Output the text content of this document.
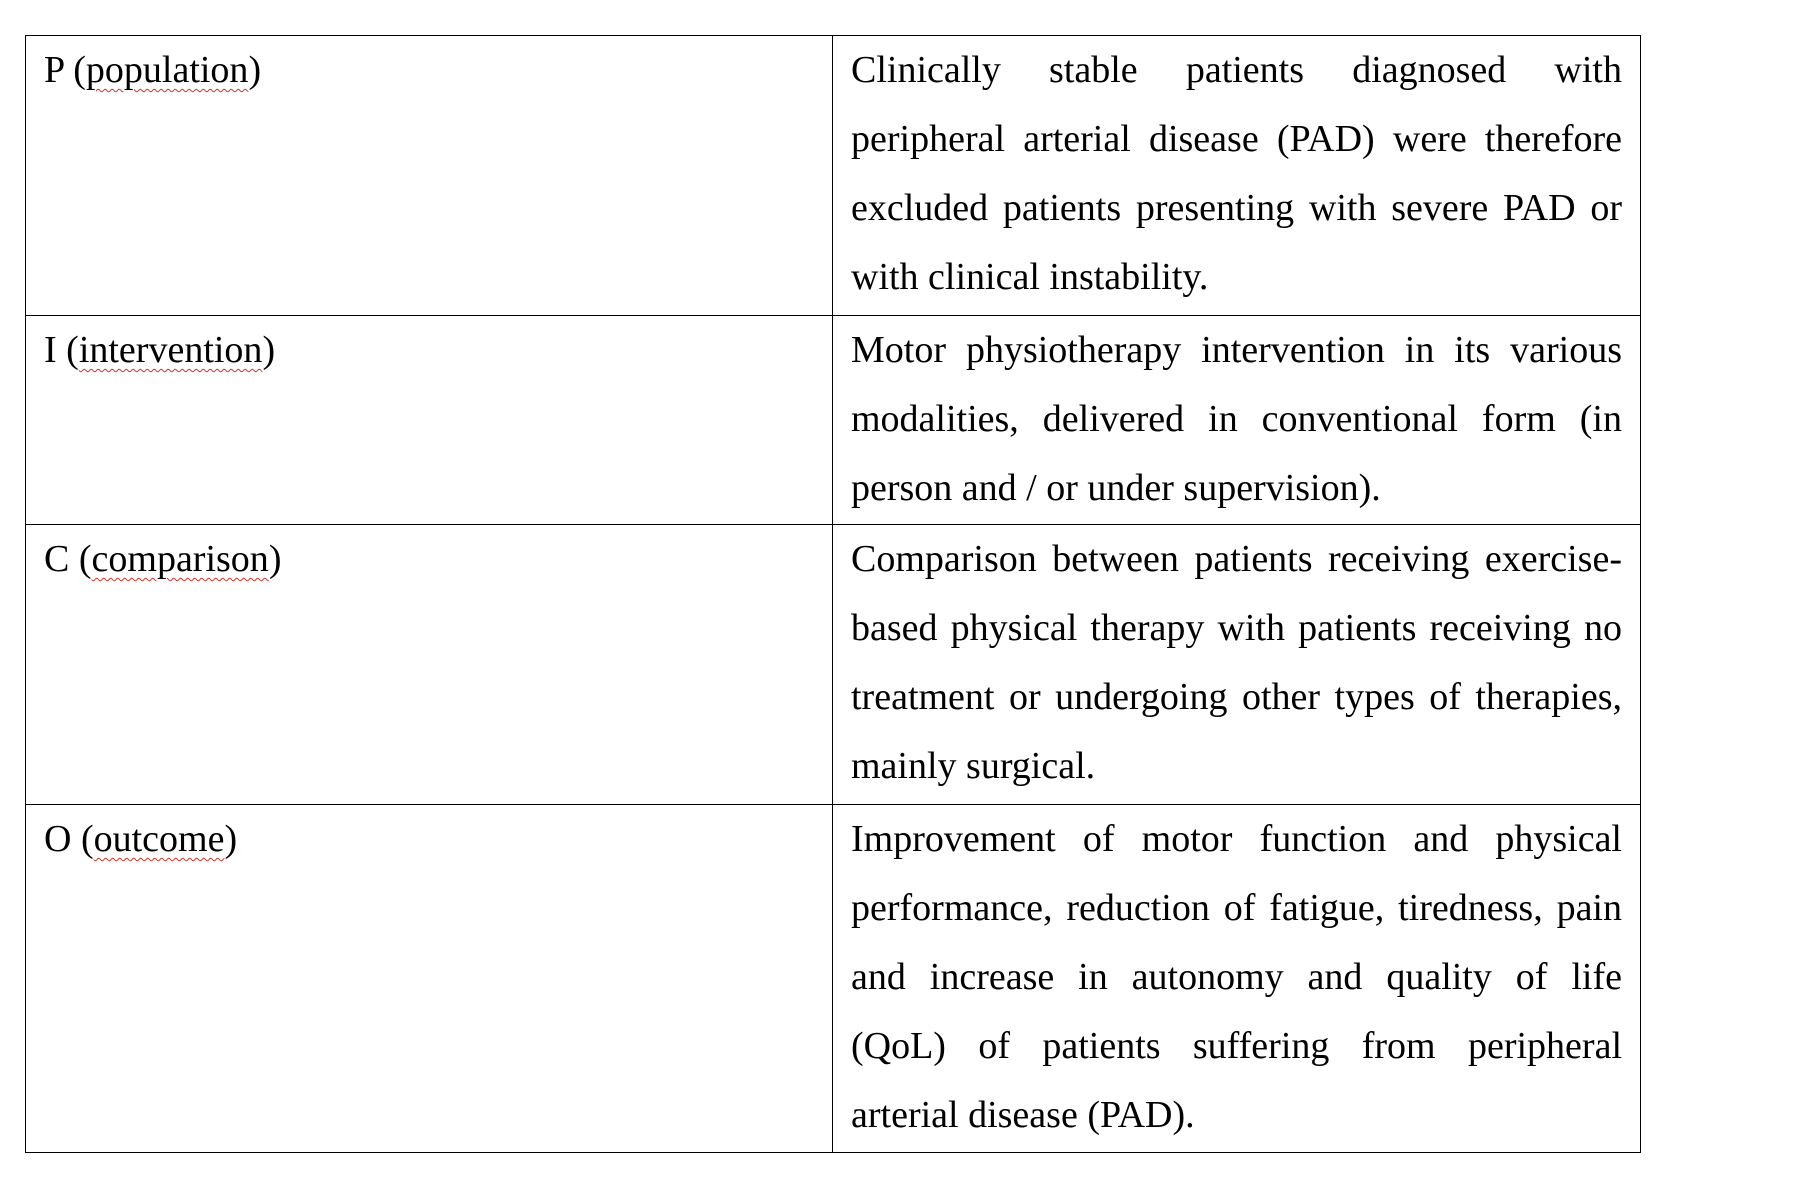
P (population)	Clinically stable patients diagnosed with peripheral arterial disease (PAD) were therefore excluded patients presenting with severe PAD or with clinical instability.
I (intervention)	Motor physiotherapy intervention in its various modalities, delivered in conventional form (in person and / or under supervision).
C (comparison)	Comparison between patients receiving exercise-based physical therapy with patients receiving no treatment or undergoing other types of therapies, mainly surgical.
O (outcome)	Improvement of motor function and physical performance, reduction of fatigue, tiredness, pain and increase in autonomy and quality of life (QoL) of patients suffering from peripheral arterial disease (PAD).
